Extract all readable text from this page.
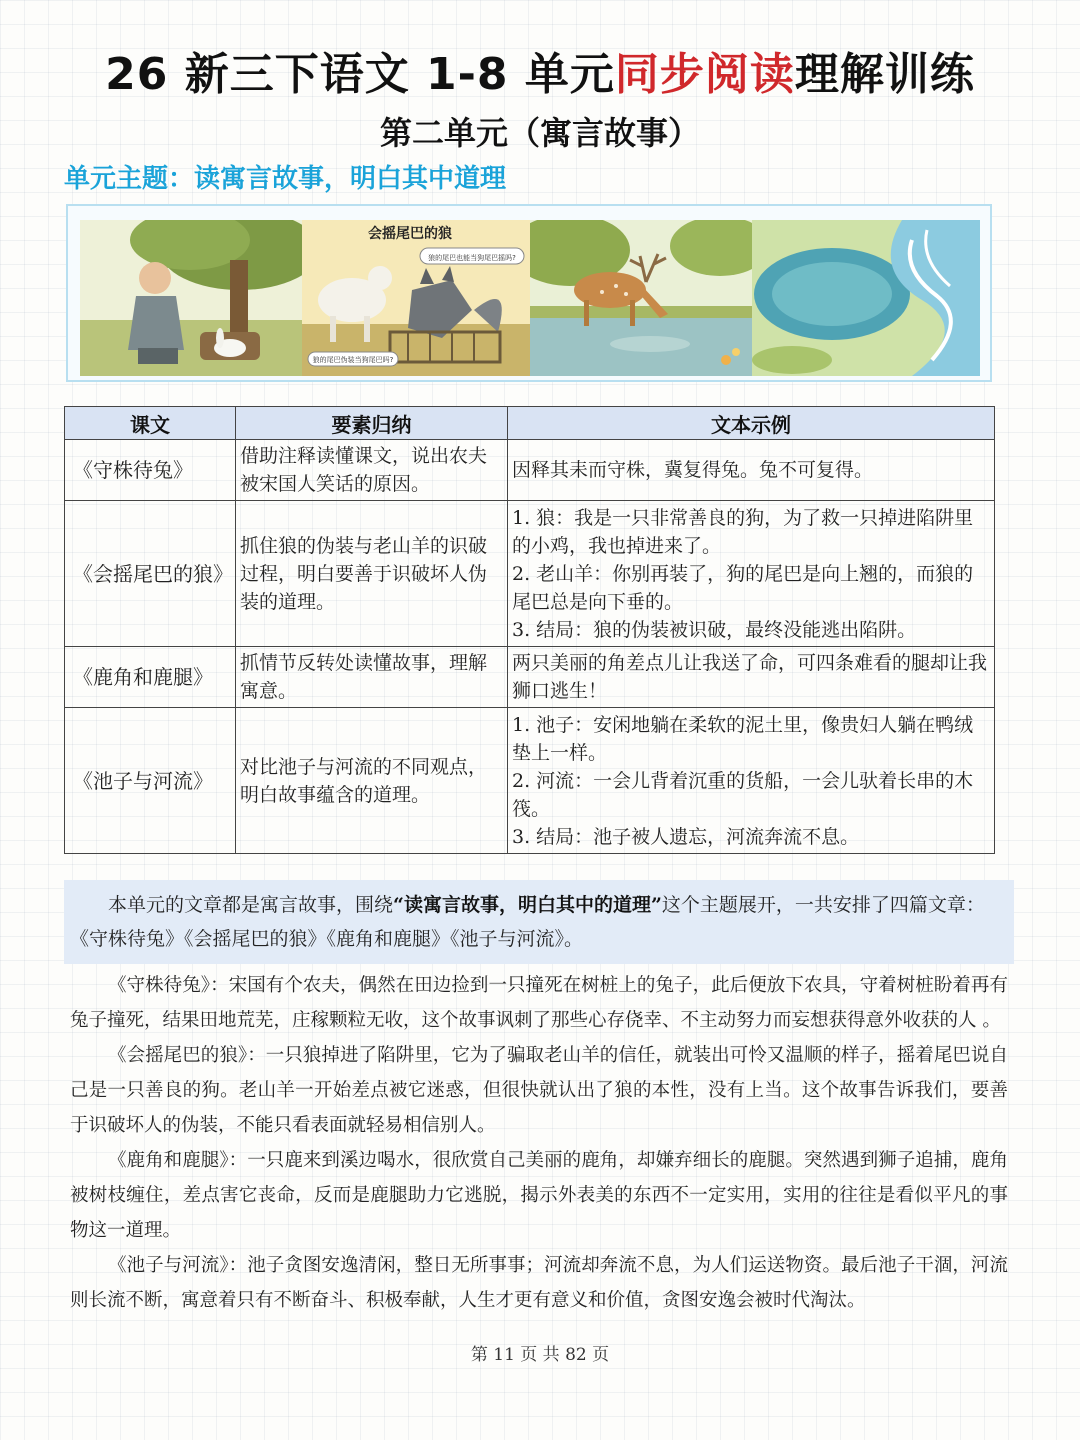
26 新三下语文 1-8 单元同步阅读理解训练
第二单元（寓言故事）
单元主题：读寓言故事，明白其中道理
会摇尾巴的狼
狼的尾巴也能当狗尾巴摇吗?
狼的尾巴伪装当狗尾巴吗?
课文	要素归纳	文本示例
《守株待兔》	借助注释读懂课文，说出农夫被宋国人笑话的原因。	因释其耒而守株，冀复得兔。兔不可复得。

《会摇尾巴的狼》	抓住狼的伪装与老山羊的识破过程，明白要善于识破坏人伪装的道理。	1. 狼：我是一只非常善良的狗，为了救一只掉进陷阱里的小鸡，我也掉进来了。
2. 老山羊：你别再装了，狗的尾巴是向上翘的，而狼的尾巴总是向下垂的。
3. 结局：狼的伪装被识破，最终没能逃出陷阱。

《鹿角和鹿腿》	抓情节反转处读懂故事，理解寓意。	两只美丽的角差点儿让我送了命，可四条难看的腿却让我狮口逃生！

《池子与河流》	对比池子与河流的不同观点，明白故事蕴含的道理。	1. 池子：安闲地躺在柔软的泥土里，像贵妇人躺在鸭绒垫上一样。
2. 河流：一会儿背着沉重的货船，一会儿驮着长串的木筏。
3. 结局：池子被人遗忘，河流奔流不息。
本单元的文章都是寓言故事，围绕“读寓言故事，明白其中的道理”这个主题展开，一共安排了四篇文章：《守株待兔》《会摇尾巴的狼》《鹿角和鹿腿》《池子与河流》。

《守株待兔》：宋国有个农夫，偶然在田边捡到一只撞死在树桩上的兔子，此后便放下农具，守着树桩盼着再有兔子撞死，结果田地荒芜，庄稼颗粒无收，这个故事讽刺了那些心存侥幸、不主动努力而妄想获得意外收获的人 。

《会摇尾巴的狼》：一只狼掉进了陷阱里，它为了骗取老山羊的信任，就装出可怜又温顺的样子，摇着尾巴说自己是一只善良的狗。老山羊一开始差点被它迷惑，但很快就认出了狼的本性，没有上当。这个故事告诉我们，要善于识破坏人的伪装，不能只看表面就轻易相信别人。

《鹿角和鹿腿》：一只鹿来到溪边喝水，很欣赏自己美丽的鹿角，却嫌弃细长的鹿腿。突然遇到狮子追捕，鹿角被树枝缠住，差点害它丧命，反而是鹿腿助力它逃脱，揭示外表美的东西不一定实用，实用的往往是看似平凡的事物这一道理。

《池子与河流》：池子贪图安逸清闲，整日无所事事；河流却奔流不息，为人们运送物资。最后池子干涸，河流则长流不断，寓意着只有不断奋斗、积极奉献，人生才更有意义和价值，贪图安逸会被时代淘汰。

第 11 页 共 82 页
